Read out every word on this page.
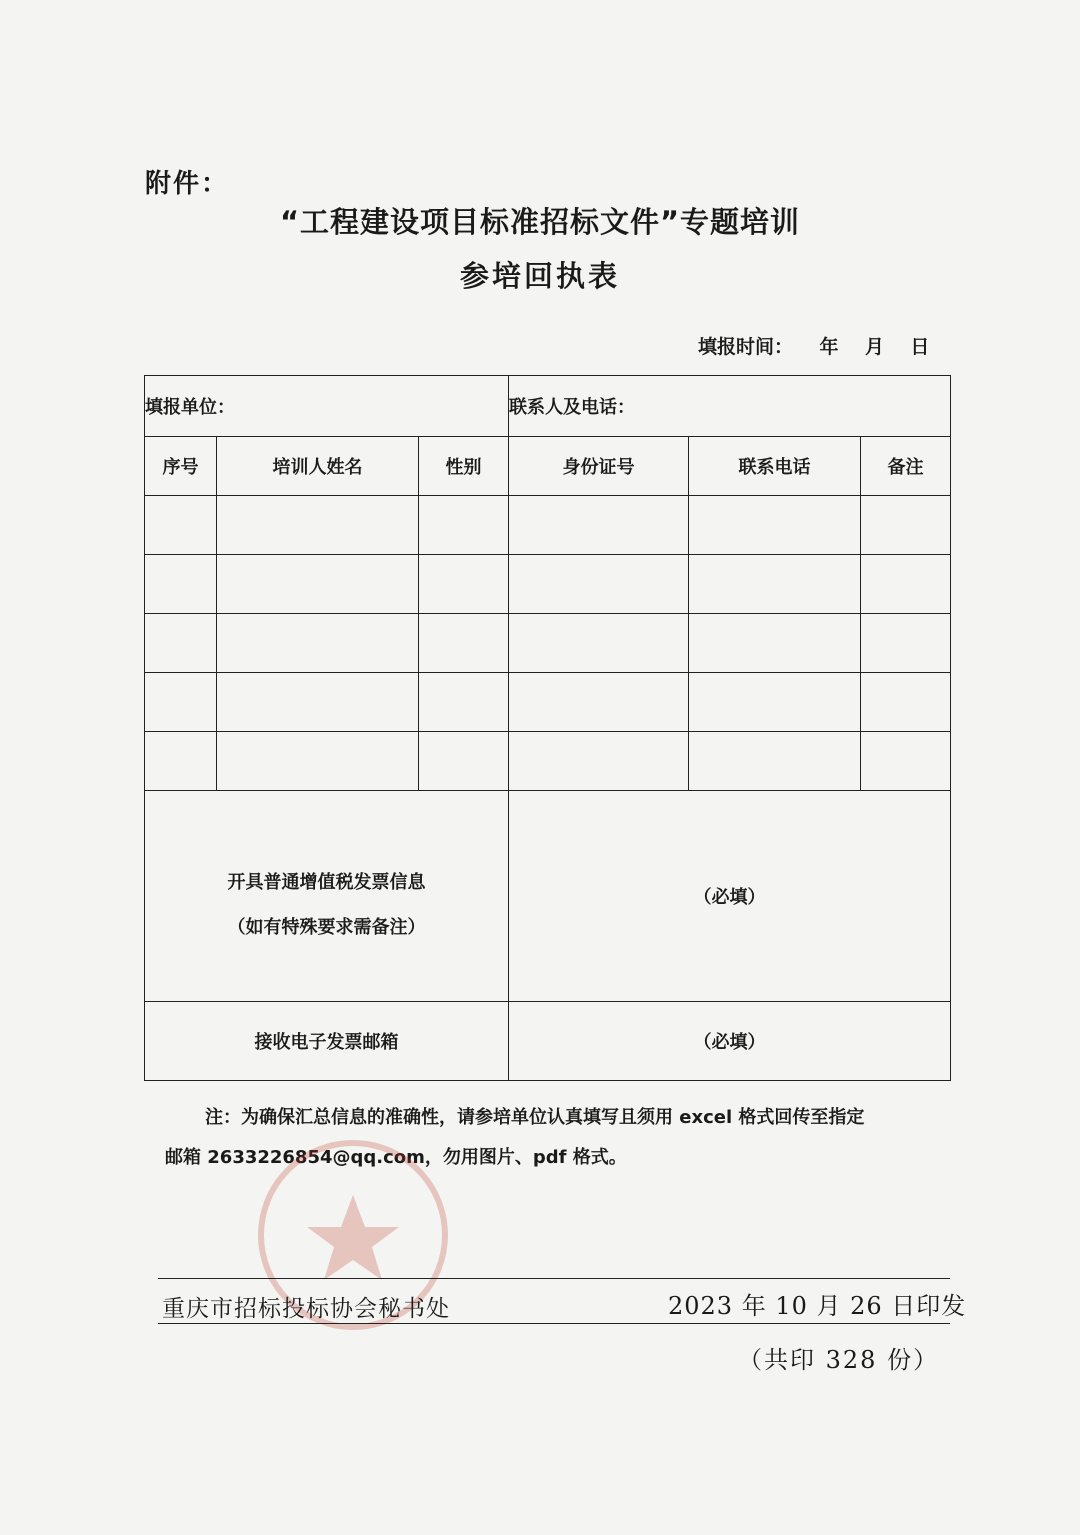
附件：
“工程建设项目标准招标文件”专题培训
参培回执表
填报时间： 年    月    日
填报单位：			联系人及电话：		
序号	培训人姓名	性别	身份证号	联系电话	备注

开具普通增值税发票信息
（如有特殊要求需备注）			（必填）		
接收电子发票邮箱			（必填）		
注：为确保汇总信息的准确性，请参培单位认真填写且须用 excel 格式回传至指定
邮箱 2633226854@qq.com，勿用图片、pdf 格式。
重庆市招标投标协会秘书处	2023 年 10 月 26 日印发
（共印 328 份）
